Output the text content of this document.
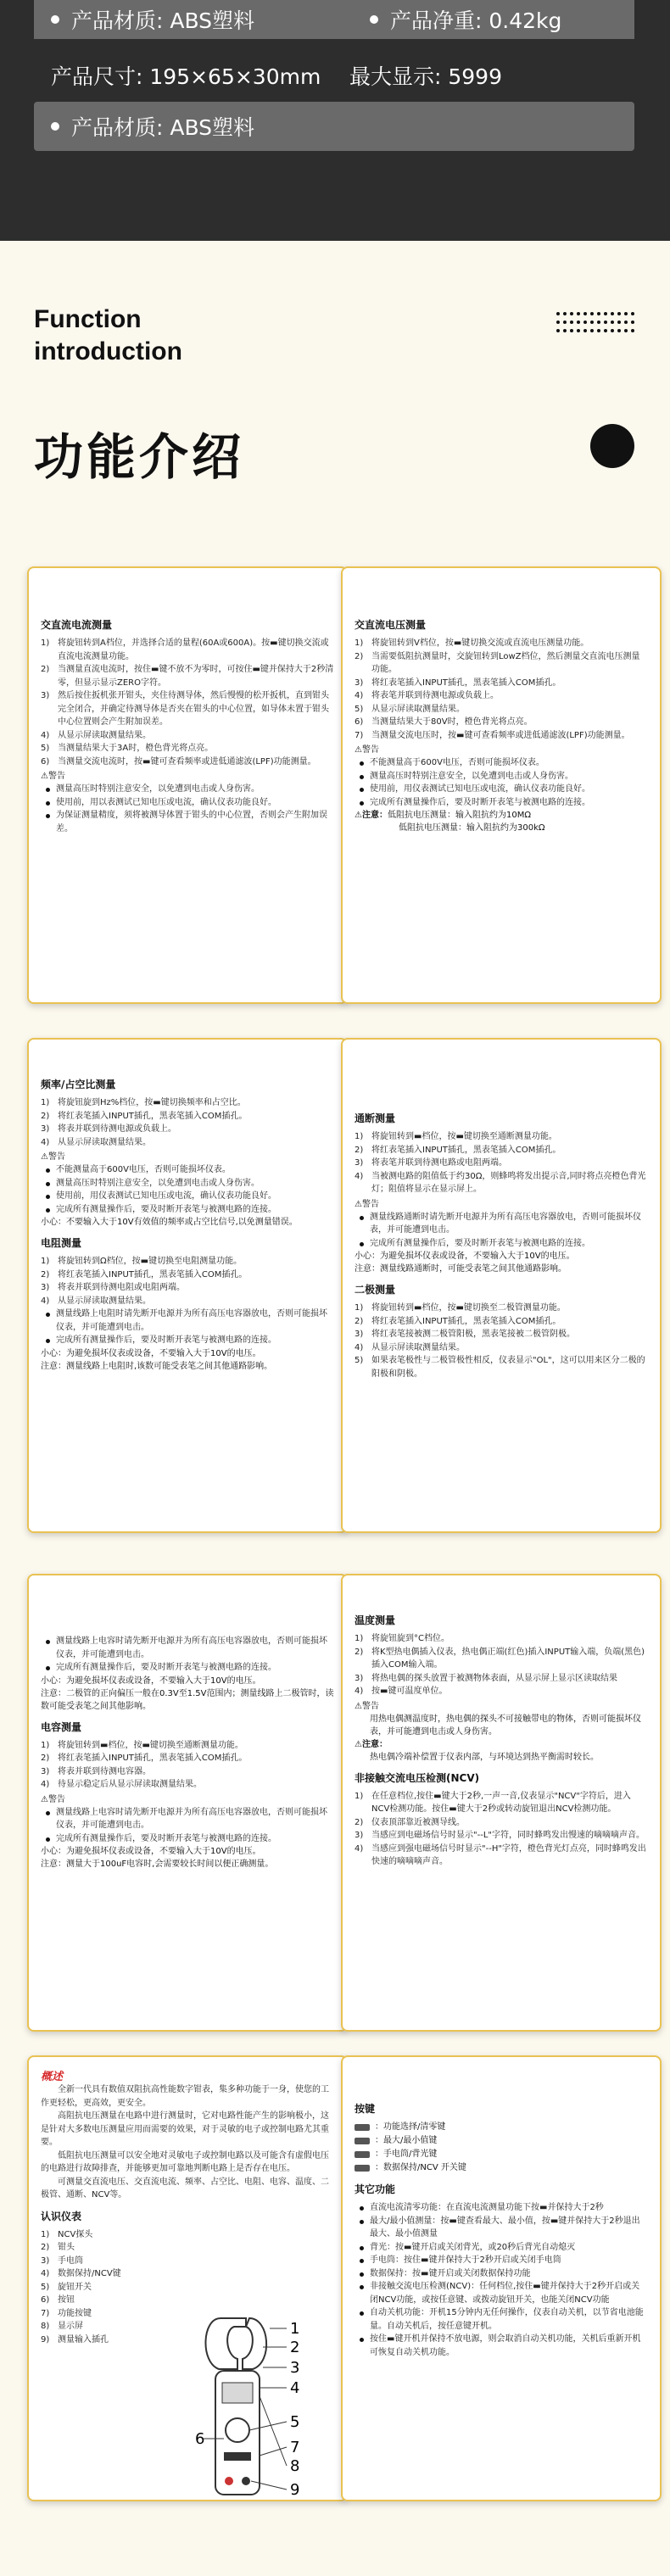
产品材质: ABS塑料	产品净重: 0.42kg
产品尺寸: 195×65×30mm	最大显示: 5999
产品材质: ABS塑料
Function
introduction
功能介绍
交直流电流测量
1) 将旋钮转到A档位，并选择合适的量程(60A或600A)。按▬键切换交流或直流电流测量功能。
2) 当测量直流电流时，按住▬键不放不为零时，可按住▬键并保持大于2秒清零，但显示显示ZERO字符。
3) 然后按住扳机张开钳头，夹住待测导体，然后慢慢的松开扳机，直到钳头完全闭合，并确定待测导体是否夹在钳头的中心位置，如导体未置于钳头中心位置则会产生附加误差。
4) 从显示屏读取测量结果。
5) 当测量结果大于3A时，橙色背光将点亮。
6) 当测量交流电流时，按▬键可查看频率或进低通滤波(LPF)功能测量。
⚠警告
测量高压时特别注意安全，以免遭到电击或人身伤害。
使用前，用以表测试已知电压或电流，确认仪表功能良好。
为保证测量精度，须将被测导体置于钳头的中心位置，否则会产生附加误差。
交直流电压测量
1) 将旋钮转到V档位，按▬键切换交流或直流电压测量功能。
2) 当需要低阻抗测量时，交旋钮转到LowZ档位，然后测量交直流电压测量功能。
3) 将红表笔插入INPUT插孔，黑表笔插入COM插孔。
4) 将表笔并联到待测电源或负载上。
5) 从显示屏读取测量结果。
6) 当测量结果大于80V时，橙色背光将点亮。
7) 当测量交流电压时，按▬键可查看频率或进低通滤波(LPF)功能测量。
⚠警告
不能测量高于600V电压，否则可能损坏仪表。
测量高压时特别注意安全，以免遭到电击或人身伤害。
使用前，用仪表测试已知电压或电流，确认仪表功能良好。
完成所有测量操作后，要及时断开表笔与被测电路的连接。
⚠注意：低阻抗电压测量：输入阻抗约为10MΩ
低阻抗电压测量：输入阻抗约为300kΩ
频率/占空比测量
1) 将旋钮旋到Hz%档位，按▬键切换频率和占空比。
2) 将红表笔插入INPUT插孔，黑表笔插入COM插孔。
3) 将表并联到待测电源或负载上。
4) 从显示屏读取测量结果。
⚠警告
不能测量高于600V电压，否则可能损坏仪表。
测量高压时特别注意安全，以免遭到电击或人身伤害。
使用前，用仪表测试已知电压或电流，确认仪表功能良好。
完成所有测量操作后，要及时断开表笔与被测电路的连接。
小心：不要输入大于10V有效值的频率或占空比信号,以免测量错误。
电阻测量
1) 将旋钮转到Ω档位，按▬键切换至电阻测量功能。
2) 将红表笔插入INPUT插孔，黑表笔插入COM插孔。
3) 将表并联到待测电阻或电阻两端。
4) 从显示屏读取测量结果。
测量线路上电阻时请先断开电源并为所有高压电容器放电，否则可能损坏仪表，并可能遭到电击。
完成所有测量操作后，要及时断开表笔与被测电路的连接。
小心：为避免损坏仪表或设备，不要输入大于10V的电压。
注意：测量线路上电阻时,该数可能受表笔之间其他通路影响。
通断测量
1) 将旋钮转到▬档位，按▬键切换至通断测量功能。
2) 将红表笔插入INPUT插孔，黑表笔插入COM插孔。
3) 将表笔并联到待测电路或电阻两端。
4) 当被测电路的阻值低于约30Ω，则蜂鸣将发出提示音,同时将点亮橙色背光灯；阻值将显示在显示屏上。
⚠警告
测量线路通断时请先断开电源并为所有高压电容器放电，否则可能损坏仪表，并可能遭到电击。
完成所有测量操作后，要及时断开表笔与被测电路的连接。
小心：为避免损坏仪表或设备，不要输入大于10V的电压。
注意：测量线路通断时，可能受表笔之间其他通路影响。
二极测量
1) 将旋钮转到▬档位，按▬键切换至二极管测量功能。
2) 将红表笔插入INPUT插孔，黑表笔插入COM插孔。
3) 将红表笔接被测二极管阳极，黑表笔接被二极管阴极。
4) 从显示屏读取测量结果。
5) 如果表笔极性与二极管极性相反，仪表显示"OL"，这可以用来区分二极的阳极和阴极。
测量线路上电容时请先断开电源并为所有高压电容器放电，否则可能损坏仪表，并可能遭到电击。
完成所有测量操作后，要及时断开表笔与被测电路的连接。
小心：为避免损坏仪表或设备，不要输入大于10V的电压。
注意：二极管的正向偏压一般在0.3V至1.5V范围内；测量线路上二极管时，读数可能受表笔之间其他影响。
电容测量
1) 将旋钮转到▬档位，按▬键切换至通断测量功能。
2) 将红表笔插入INPUT插孔，黑表笔插入COM插孔。
3) 将表并联到待测电容器。
4) 待显示稳定后从显示屏读取测量结果。
⚠警告
测量线路上电容时请先断开电源并为所有高压电容器放电，否则可能损坏仪表，并可能遭到电击。
完成所有测量操作后，要及时断开表笔与被测电路的连接。
小心：为避免损坏仪表或设备，不要输入大于10V的电压。
注意：测量大于100uF电容时,会需要较长时间以便正确测量。
温度测量
1) 将旋钮旋到°C档位。
2) 将K型热电偶插入仪表，热电偶正端(红色)插入INPUT输入端，负端(黑色)插入COM输入端。
3) 将热电偶的探头放置于被测物体表面，从显示屏上显示区读取结果
4) 按▬键可温度单位。
⚠警告
用热电偶测温度时，热电偶的探头不可接触带电的物体，否则可能损坏仪表，并可能遭到电击或人身伤害。
⚠注意：
热电偶冷端补偿置于仪表内部，与环境达到热平衡需时较长。
非接触交流电压检测(NCV)
1) 在任意档位,按住▬键大于2秒,一声一音,仪表显示"NCV"字符后，进入NCV检测功能。按住▬键大于2秒或转动旋钮退出NCV检测功能。
2) 仪表顶部靠近被测导线。
3) 当感应到电磁场信号时显示"--L"字符，同时蜂鸣发出慢速的嘀嘀嘀声音。
4) 当感应到强电磁场信号时显示"--H"字符，橙色背光灯点亮，同时蜂鸣发出快速的嘀嘀嘀声音。
概述

全新一代具有数值双阻抗高性能数字钳表，集多种功能于一身，使您的工作更轻松，更高效，更安全。

高阻抗电压测量在电路中进行测量时，它对电路性能产生的影响极小，这是针对大多数电压测量应用而需要的效果，对于灵敏的电子或控制电路尤其重要。

低阻抗电压测量可以安全地对灵敏电子或控制电路以及可能含有虚假电压的电路进行故障排查，并能够更加可靠地判断电路上是否存在电压。

可测量交直流电压、交直流电流、频率、占空比、电阻、电容、温度、二极管、通断、NCV等。

认识仪表
1) NCV探头
2) 钳头
3) 手电筒
4) 数据保持/NCV键
5) 旋钮开关
6) 按钮
7) 功能按键
8) 显示屏
9) 测量输入插孔
1
2
3
4
5
6	7
8
9
按键
：功能选择/清零键
：最大/最小值键
：手电筒/背光键
：数据保持/NCV 开关键
其它功能
直流电流清零功能：在直流电流测量功能下按▬并保持大于2秒
最大/最小值测量：按▬键查看最大、最小值，按▬键并保持大于2秒退出最大、最小值测量
背光：按▬键开启或关闭背光，或20秒后背光自动熄灭
手电筒：按住▬键并保持大于2秒开启或关闭手电筒
数据保持：按▬键开启或关闭数据保持功能
非接触交流电压检测(NCV)：任何档位,按住▬键并保持大于2秒开启或关闭NCV功能，或按任意键、或拨动旋钮开关，也能关闭NCV功能
自动关机功能：开机15分钟内无任何操作，仪表自动关机，以节省电池能量。自动关机后，按任意键开机。
按住▬键开机并保持不放电源，则会取消自动关机功能，关机后重新开机可恢复自动关机功能。
